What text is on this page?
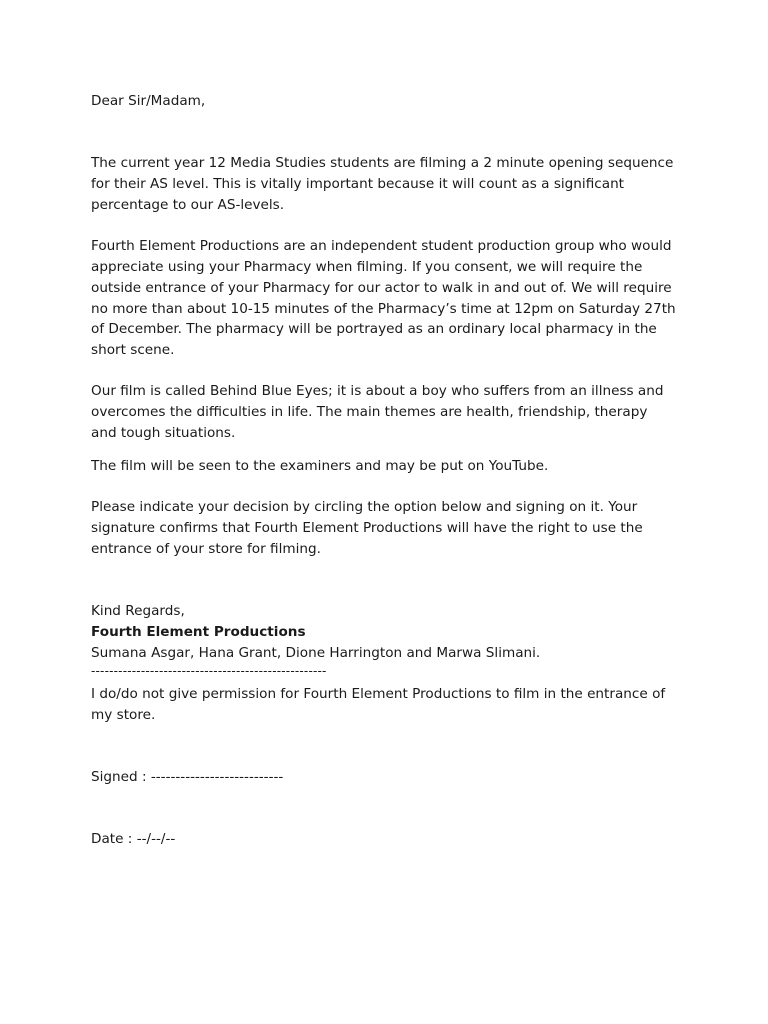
Dear Sir/Madam,
The current year 12 Media Studies students are filming a 2 minute opening sequence
for their AS level. This is vitally important because it will count as a significant
percentage to our AS-levels.
Fourth Element Productions are an independent student production group who would
appreciate using your Pharmacy when filming. If you consent, we will require the
outside entrance of your Pharmacy for our actor to walk in and out of. We will require
no more than about 10-15 minutes of the Pharmacy’s time at 12pm on Saturday 27th
of December. The pharmacy will be portrayed as an ordinary local pharmacy in the
short scene.
Our film is called Behind Blue Eyes; it is about a boy who suffers from an illness and
overcomes the difficulties in life. The main themes are health, friendship, therapy
and tough situations.
The film will be seen to the examiners and may be put on YouTube.
Please indicate your decision by circling the option below and signing on it. Your
signature confirms that Fourth Element Productions will have the right to use the
entrance of your store for filming.
Kind Regards,
Fourth Element Productions
Sumana Asgar, Hana Grant, Dione Harrington and Marwa Slimani.
----------------------------------------------------
I do/do not give permission for Fourth Element Productions to film in the entrance of
my store.
Signed : ---------------------------
Date : --/--/--
